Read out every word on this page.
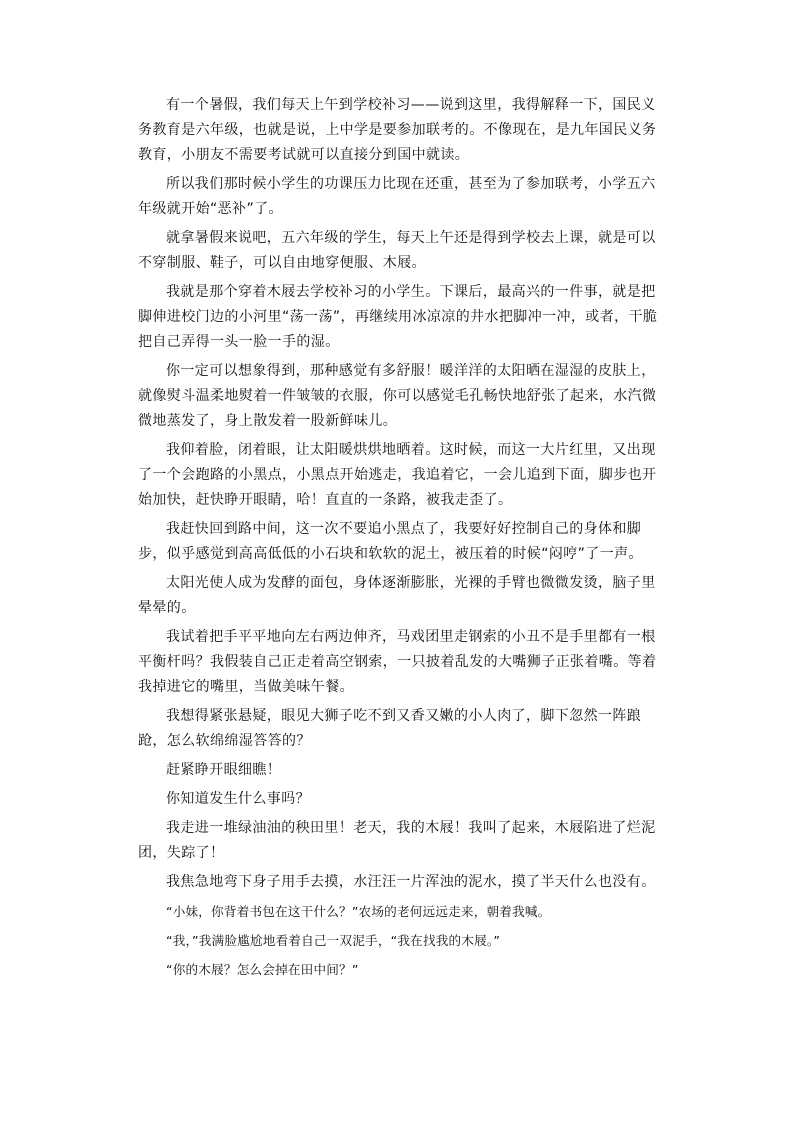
有一个暑假，我们每天上午到学校补习——说到这里，我得解释一下，国民义务教育是六年级，也就是说，上中学是要参加联考的。不像现在，是九年国民义务教育，小朋友不需要考试就可以直接分到国中就读。

所以我们那时候小学生的功课压力比现在还重，甚至为了参加联考，小学五六年级就开始“恶补”了。

就拿暑假来说吧，五六年级的学生，每天上午还是得到学校去上课，就是可以不穿制服、鞋子，可以自由地穿便服、木屐。

我就是那个穿着木屐去学校补习的小学生。下课后，最高兴的一件事，就是把脚伸进校门边的小河里“荡一荡”，再继续用冰凉凉的井水把脚冲一冲，或者，干脆把自己弄得一头一脸一手的湿。

你一定可以想象得到，那种感觉有多舒服！暖洋洋的太阳晒在湿湿的皮肤上，就像熨斗温柔地熨着一件皱皱的衣服，你可以感觉毛孔畅快地舒张了起来，水汽微微地蒸发了，身上散发着一股新鲜味儿。

我仰着脸，闭着眼，让太阳暖烘烘地晒着。这时候，而这一大片红里，又出现了一个会跑路的小黑点，小黑点开始逃走，我追着它，一会儿追到下面，脚步也开始加快，赶快睁开眼睛，哈！直直的一条路，被我走歪了。

我赶快回到路中间，这一次不要追小黑点了，我要好好控制自己的身体和脚步，似乎感觉到高高低低的小石块和软软的泥土，被压着的时候“闷哼”了一声。

太阳光使人成为发酵的面包，身体逐渐膨胀，光裸的手臂也微微发烫，脑子里晕晕的。

我试着把手平平地向左右两边伸齐，马戏团里走钢索的小丑不是手里都有一根平衡杆吗？我假装自己正走着高空钢索，一只披着乱发的大嘴狮子正张着嘴。等着我掉进它的嘴里，当做美味午餐。

我想得紧张悬疑，眼见大狮子吃不到又香又嫩的小人肉了，脚下忽然一阵踉跄，怎么软绵绵湿答答的？

赶紧睁开眼细瞧！

你知道发生什么事吗？

我走进一堆绿油油的秧田里！老天，我的木屐！我叫了起来，木屐陷进了烂泥团，失踪了！

我焦急地弯下身子用手去摸，水汪汪一片浑浊的泥水，摸了半天什么也没有。

“小妹，你背着书包在这干什么？”农场的老何远远走来，朝着我喊。

“我，”我满脸尴尬地看着自己一双泥手，“我在找我的木屐。”

“你的木屐？怎么会掉在田中间？”
